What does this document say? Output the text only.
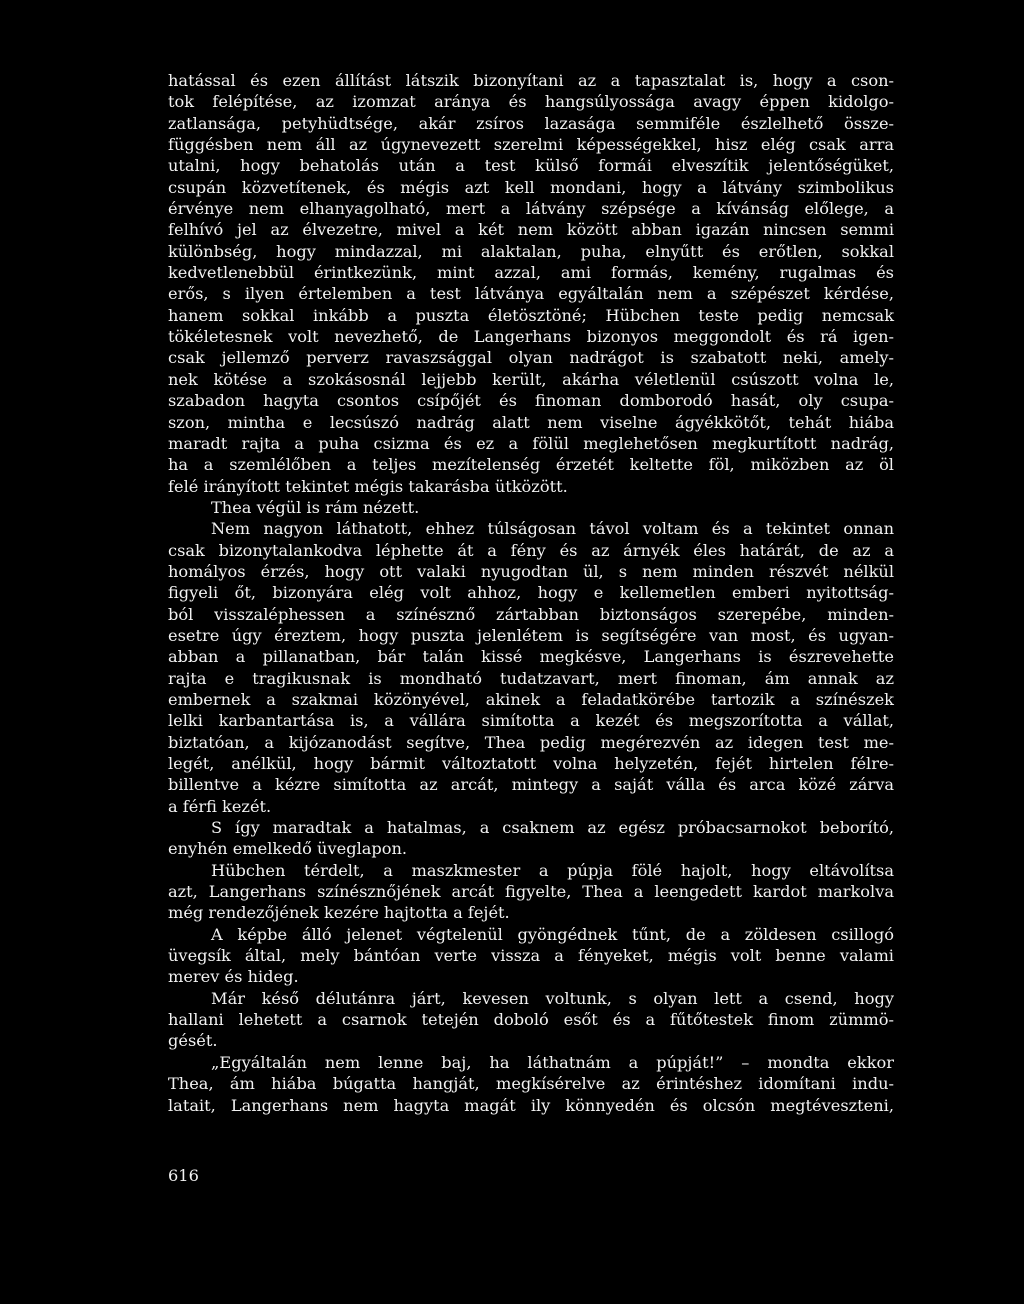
hatással és ezen állítást látszik bizonyítani az a tapasztalat is, hogy a cson-
tok felépítése, az izomzat aránya és hangsúlyossága avagy éppen kidolgo-
zatlansága, petyhüdtsége, akár zsíros lazasága semmiféle észlelhető össze-
függésben nem áll az úgynevezett szerelmi képességekkel, hisz elég csak arra
utalni, hogy behatolás után a test külső formái elveszítik jelentőségüket,
csupán közvetítenek, és mégis azt kell mondani, hogy a látvány szimbolikus
érvénye nem elhanyagolható, mert a látvány szépsége a kívánság előlege, a
felhívó jel az élvezetre, mivel a két nem között abban igazán nincsen semmi
különbség, hogy mindazzal, mi alaktalan, puha, elnyűtt és erőtlen, sokkal
kedvetlenebbül érintkezünk, mint azzal, ami formás, kemény, rugalmas és
erős, s ilyen értelemben a test látványa egyáltalán nem a szépészet kérdése,
hanem sokkal inkább a puszta életösztöné; Hübchen teste pedig nemcsak
tökéletesnek volt nevezhető, de Langerhans bizonyos meggondolt és rá igen-
csak jellemző perverz ravaszsággal olyan nadrágot is szabatott neki, amely-
nek kötése a szokásosnál lejjebb került, akárha véletlenül csúszott volna le,
szabadon hagyta csontos csípőjét és finoman domborodó hasát, oly csupa-
szon, mintha e lecsúszó nadrág alatt nem viselne ágyékkötőt, tehát hiába
maradt rajta a puha csizma és ez a fölül meglehetősen megkurtított nadrág,
ha a szemlélőben a teljes mezítelenség érzetét keltette föl, miközben az öl
felé irányított tekintet mégis takarásba ütközött.
Thea végül is rám nézett.
Nem nagyon láthatott, ehhez túlságosan távol voltam és a tekintet onnan
csak bizonytalankodva léphette át a fény és az árnyék éles határát, de az a
homályos érzés, hogy ott valaki nyugodtan ül, s nem minden részvét nélkül
figyeli őt, bizonyára elég volt ahhoz, hogy e kellemetlen emberi nyitottság-
ból visszaléphessen a színésznő zártabban biztonságos szerepébe, minden-
esetre úgy éreztem, hogy puszta jelenlétem is segítségére van most, és ugyan-
abban a pillanatban, bár talán kissé megkésve, Langerhans is észrevehette
rajta e tragikusnak is mondható tudatzavart, mert finoman, ám annak az
embernek a szakmai közönyével, akinek a feladatkörébe tartozik a színészek
lelki karbantartása is, a vállára simította a kezét és megszorította a vállat,
biztatóan, a kijózanodást segítve, Thea pedig megérezvén az idegen test me-
legét, anélkül, hogy bármit változtatott volna helyzetén, fejét hirtelen félre-
billentve a kézre simította az arcát, mintegy a saját válla és arca közé zárva
a férfi kezét.
S így maradtak a hatalmas, a csaknem az egész próbacsarnokot beborító,
enyhén emelkedő üveglapon.
Hübchen térdelt, a maszkmester a púpja fölé hajolt, hogy eltávolítsa
azt, Langerhans színésznőjének arcát figyelte, Thea a leengedett kardot markolva
még rendezőjének kezére hajtotta a fejét.
A képbe álló jelenet végtelenül gyöngédnek tűnt, de a zöldesen csillogó
üvegsík által, mely bántóan verte vissza a fényeket, mégis volt benne valami
merev és hideg.
Már késő délutánra járt, kevesen voltunk, s olyan lett a csend, hogy
hallani lehetett a csarnok tetején doboló esőt és a fűtőtestek finom zümmö-
gését.
„Egyáltalán nem lenne baj, ha láthatnám a púpját!” – mondta ekkor
Thea, ám hiába búgatta hangját, megkísérelve az érintéshez idomítani indu-
latait, Langerhans nem hagyta magát ily könnyedén és olcsón megtéveszteni,
616
